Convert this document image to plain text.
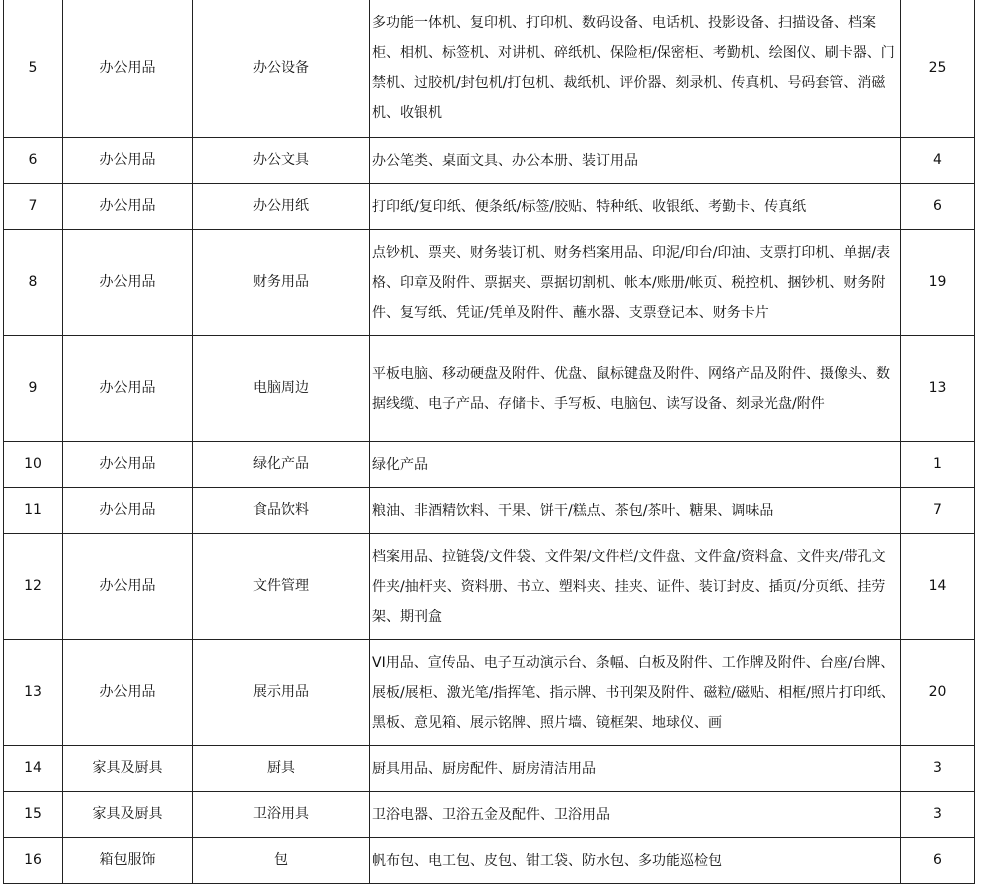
5	办公用品	办公设备	多功能一体机、复印机、打印机、数码设备、电话机、投影设备、扫描设备、档案柜、相机、标签机、对讲机、碎纸机、保险柜/保密柜、考勤机、绘图仪、刷卡器、门禁机、过胶机/封包机/打包机、裁纸机、评价器、刻录机、传真机、号码套管、消磁机、收银机	25
6	办公用品	办公文具	办公笔类、桌面文具、办公本册、装订用品	4
7	办公用品	办公用纸	打印纸/复印纸、便条纸/标签/胶贴、特种纸、收银纸、考勤卡、传真纸	6
8	办公用品	财务用品	点钞机、票夹、财务装订机、财务档案用品、印泥/印台/印油、支票打印机、单据/表格、印章及附件、票据夹、票据切割机、帐本/账册/帐页、税控机、捆钞机、财务附件、复写纸、凭证/凭单及附件、蘸水器、支票登记本、财务卡片	19
9	办公用品	电脑周边	平板电脑、移动硬盘及附件、优盘、鼠标键盘及附件、网络产品及附件、摄像头、数据线缆、电子产品、存储卡、手写板、电脑包、读写设备、刻录光盘/附件	13
10	办公用品	绿化产品	绿化产品	1
11	办公用品	食品饮料	粮油、非酒精饮料、干果、饼干/糕点、茶包/茶叶、糖果、调味品	7
12	办公用品	文件管理	档案用品、拉链袋/文件袋、文件架/文件栏/文件盘、文件盒/资料盒、文件夹/带孔文件夹/抽杆夹、资料册、书立、塑料夹、挂夹、证件、装订封皮、插页/分页纸、挂劳架、期刊盒	14
13	办公用品	展示用品	VI用品、宣传品、电子互动演示台、条幅、白板及附件、工作牌及附件、台座/台牌、展板/展柜、激光笔/指挥笔、指示牌、书刊架及附件、磁粒/磁贴、相框/照片打印纸、黑板、意见箱、展示铭牌、照片墙、镜框架、地球仪、画	20
14	家具及厨具	厨具	厨具用品、厨房配件、厨房清洁用品	3
15	家具及厨具	卫浴用具	卫浴电器、卫浴五金及配件、卫浴用品	3
16	箱包服饰	包	帆布包、电工包、皮包、钳工袋、防水包、多功能巡检包	6
